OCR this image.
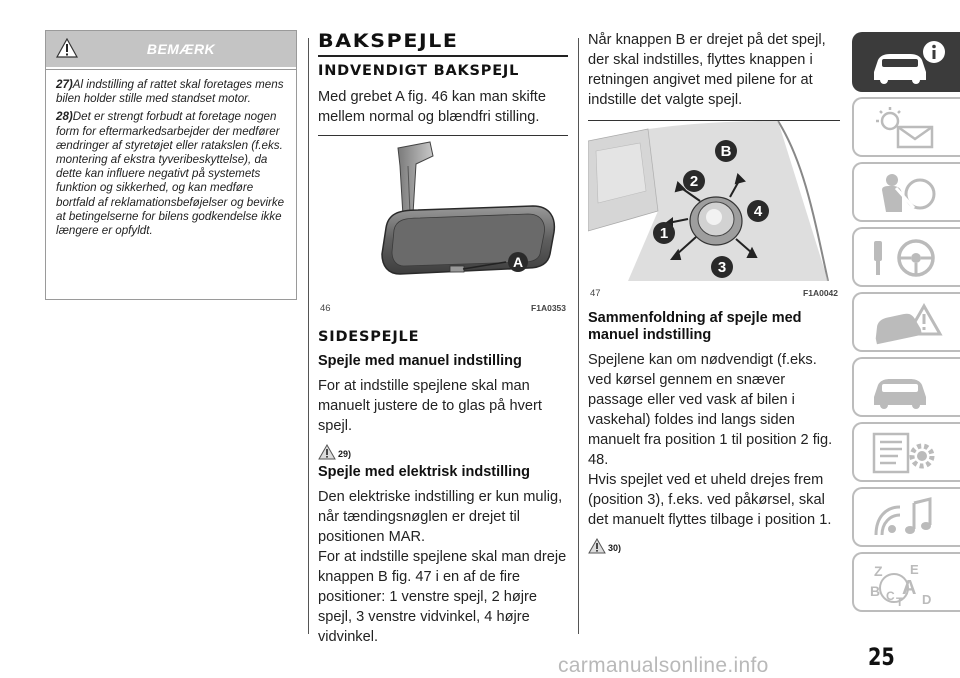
BEMÆRK

27)Al indstilling af rattet skal foretages mens bilen holder stille med standset motor.

28)Det er strengt forbudt at foretage nogen form for eftermarkedsarbejder der medfører ændringer af styretøjet eller ratakslen (f.eks. montering af ekstra tyveribeskyttelse), da dette kan influere negativt på systemets funktion og sikkerhed, og kan medføre bortfald af reklamationsbeføjelser og bevirke at betingelserne for bilens godkendelse ikke længere er opfyldt.

BAKSPEJLE
INDVENDIGT BAKSPEJL
Med grebet A fig. 46 kan man skifte mellem normal og blændfri stilling.
A
46	F1A0353
SIDESPEJLE
Spejle med manuel indstilling
For at indstille spejlene skal man manuelt justere de to glas på hvert spejl.
29)
Spejle med elektrisk indstilling
Den elektriske indstilling er kun mulig, når tændingsnøglen er drejet til positionen MAR.
For at indstille spejlene skal man dreje knappen B fig. 47 i en af de fire positioner: 1 venstre spejl, 2 højre spejl, 3 venstre vidvinkel, 4 højre vidvinkel.
Når knappen B er drejet på det spejl, der skal indstilles, flyttes knappen i retningen angivet med pilene for at indstille det valgte spejl.
B
2
4
1
3
47	F1A0042
Sammenfoldning af spejle med manuel indstilling
Spejlene kan om nødvendigt (f.eks. ved kørsel gennem en snæver passage eller ved vask af bilen i vaskehal) foldes ind langs siden manuelt fra position 1 til position 2 fig. 48.
Hvis spejlet ved et uheld drejes frem (position 3), f.eks. ved påkørsel, skal det manuelt flyttes tilbage i position 1.
30)
Z E
B A
C D
T
25
carmanualsonline.info
